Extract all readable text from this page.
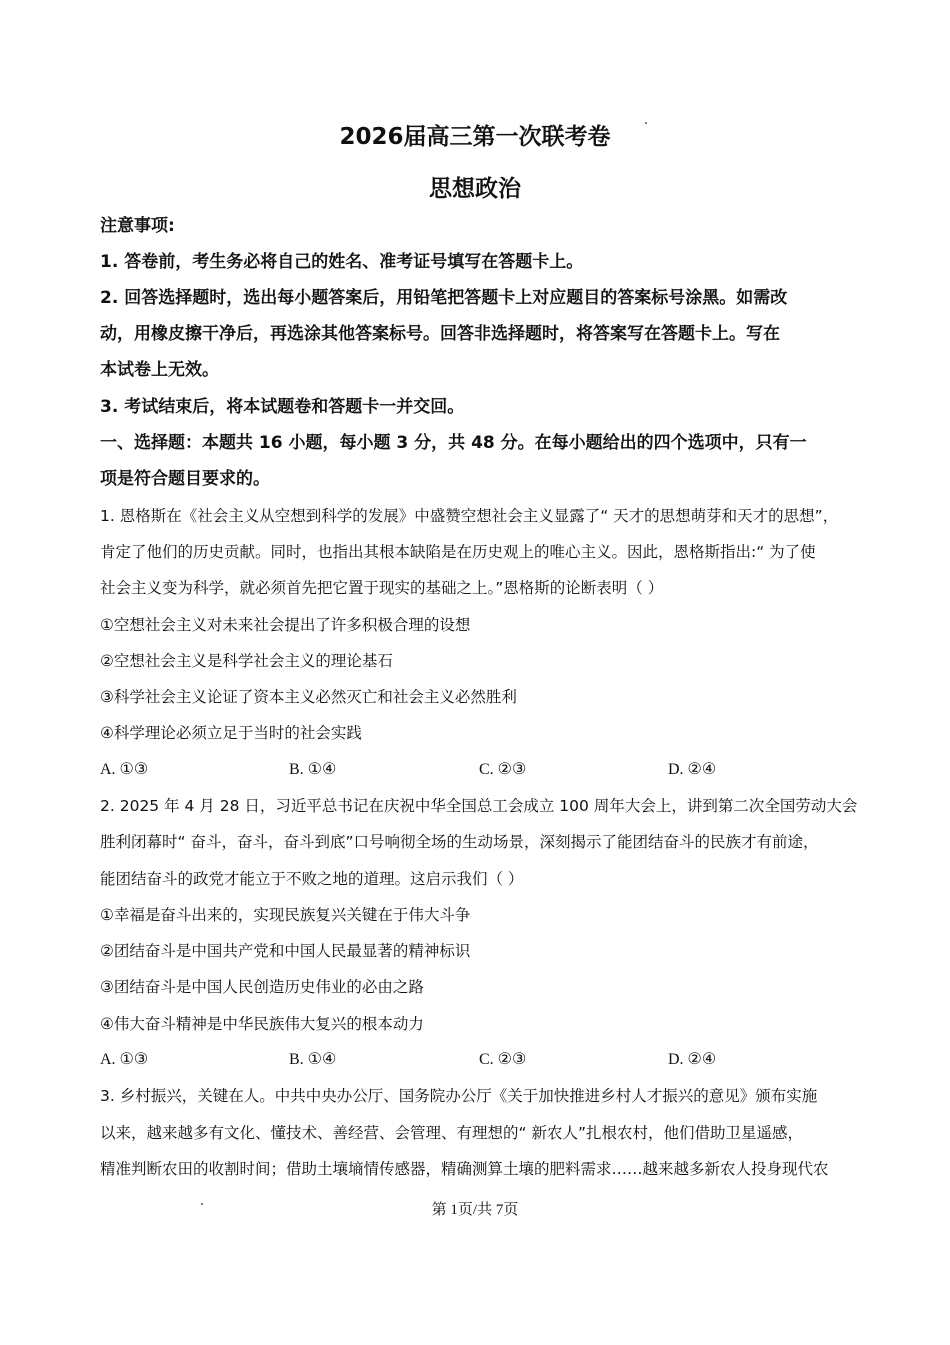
2026届高三第一次联考卷
思想政治
注意事项:
1. 答卷前，考生务必将自己的姓名、准考证号填写在答题卡上。
2. 回答选择题时，选出每小题答案后，用铅笔把答题卡上对应题目的答案标号涂黑。如需改
动，用橡皮擦干净后，再选涂其他答案标号。回答非选择题时，将答案写在答题卡上。写在
本试卷上无效。
3. 考试结束后，将本试题卷和答题卡一并交回。
一、选择题：本题共 16 小题，每小题 3 分，共 48 分。在每小题给出的四个选项中，只有一
项是符合题目要求的。
1. 恩格斯在《社会主义从空想到科学的发展》中盛赞空想社会主义显露了“ 天才的思想萌芽和天才的思想”，
肯定了他们的历史贡献。同时，也指出其根本缺陷是在历史观上的唯心主义。因此，恩格斯指出:“ 为了使
社会主义变为科学，就必须首先把它置于现实的基础之上。”恩格斯的论断表明（ ）
①空想社会主义对未来社会提出了许多积极合理的设想
②空想社会主义是科学社会主义的理论基石
③科学社会主义论证了资本主义必然灭亡和社会主义必然胜利
④科学理论必须立足于当时的社会实践
A. ①③	B. ①④	C. ②③	D. ②④
2. 2025 年 4 月 28 日，习近平总书记在庆祝中华全国总工会成立 100 周年大会上，讲到第二次全国劳动大会
胜利闭幕时“ 奋斗，奋斗，奋斗到底”口号响彻全场的生动场景，深刻揭示了能团结奋斗的民族才有前途，
能团结奋斗的政党才能立于不败之地的道理。这启示我们（ ）
①幸福是奋斗出来的，实现民族复兴关键在于伟大斗争
②团结奋斗是中国共产党和中国人民最显著的精神标识
③团结奋斗是中国人民创造历史伟业的必由之路
④伟大奋斗精神是中华民族伟大复兴的根本动力
A. ①③	B. ①④	C. ②③	D. ②④
3. 乡村振兴，关键在人。中共中央办公厅、国务院办公厅《关于加快推进乡村人才振兴的意见》颁布实施
以来，越来越多有文化、懂技术、善经营、会管理、有理想的“ 新农人”扎根农村，他们借助卫星遥感，
精准判断农田的收割时间；借助土壤墒情传感器，精确测算土壤的肥料需求……越来越多新农人投身现代农
第 1页/共 7页
